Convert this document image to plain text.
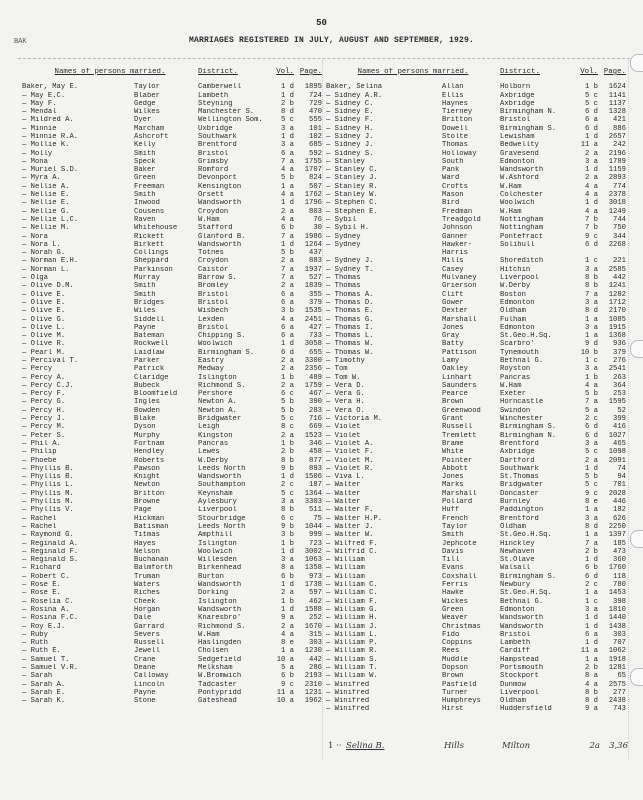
50
BAK	MARRIAGES REGISTERED IN JULY, AUGUST AND SEPTEMBER, 1929.
Names of persons married.	District.	Vol. Page.
Baker, May E.	Taylor	Camberwell	1 d	1895
— May E.C.	Blaber	Lambeth	1 d	724
— May F.	Gedge	Steyning	2 b	729
— Mendal	Wilkes	Manchester S.	8 d	470
— Mildred A.	Dyer	Wellington Som.	5 c	555
— Minnie	Marcham	Uxbridge	3 a	101
— Minnie R.A.	Ashcroft	Southwark	1 d	102
— Mollie K.	Kelly	Brentford	3 a	685
— Molly	Smith	Bristol	6 a	592
— Mona	Speck	Grimsby	7 a	1755
— Muriel S.D.	Baker	Romford	4 a	1707
— Myra A.	Green	Devonport	5 b	824
— Nellie A.	Freeman	Kensington	1 a	507
— Nellie E.	Smith	Orsett	4 a	1762
— Nellie E.	Inwood	Wandsworth	1 d	1796
— Nellie G.	Cousens	Croydon	2 a	803
— Nellie L.C.	Raven	W.Ham	4 a	76
— Nellie M.	Whitehouse	Stafford	6 b	30
— Nora	Rickett	Glanford B.	7 a	1986
— Nora L.	Birkett	Wandsworth	1 d	1264
— Norah G.	Collings	Totnes	5 b	437
— Norman E.H.	Sheppard	Croydon	2 a	883
— Norman L.	Parkinson	Caistor	7 a	1937
— Olga	Murray	Barrow S.	7 a	527
— Olive D.M.	Smith	Bromley	2 a	1839
— Olive E.	Smith	Bristol	6 a	355
— Olive E.	Bridges	Bristol	6 a	379
— Olive E.	Wiles	Wisbech	3 b	1535
— Olive G.	Siddell	Lexden	4 a	2451
— Olive L.	Payne	Bristol	6 a	427
— Olive M.	Bateman	Chipping S.	6 a	733
— Olive R.	Rockwell	Woolwich	1 d	3058
— Pearl M.	Laidlaw	Birmingham S.	6 d	655
— Percival T.	Parker	Eastry	2 a	3300
— Percy	Patrick	Medway	2 a	2356
— Percy A.	Claridge	Islington	1 b	489
— Percy C.J.	Bubeck	Richmond S.	2 a	1759
— Percy F.	Bloomfield	Pershore	6 c	467
— Percy G.	Ingles	Newton A.	5 b	390
— Percy H.	Bowden	Newton A.	5 b	283
— Percy J.	Blake	Bridgwater	5 c	716
— Percy M.	Dyson	Leigh	8 c	669
— Peter S.	Murphy	Kingston	2 a	1523
— Phil A.	Fortnam	Pancras	1 b	346
— Philip	Hendley	Lewes	2 b	458
— Phoebe	Roberts	W.Derby	8 b	877
— Phyllis B.	Pawson	Leeds North	9 b	893
— Phyllis B.	Knight	Wandsworth	1 d	1506
— Phyllis L.	Newton	Southampton	2 c	187
— Phyllis M.	Britton	Keynsham	5 c	1364
— Phyllis M.	Browne	Aylesbury	3 a	3303
— Phyllis V.	Page	Liverpool	8 b	511
— Rachel	Hickman	Stourbridge	6 c	75
— Rachel	Batisman	Leeds North	9 b	1044
— Raymond G.	Titmas	Ampthill	3 b	999
— Reginald A.	Hayes	Islington	1 b	723
— Reginald F.	Nelson	Woolwich	1 d	3002
— Reginald S.	Buchanan	Willesden	3 a	1063
— Richard	Balmforth	Birkenhead	8 a	1358
— Robert C.	Truman	Burton	6 b	973
— Rose E.	Waters	Wandsworth	1 d	1738
— Rose E.	Riches	Dorking	2 a	597
— Roselia C.	Cheek	Islington	1 b	462
— Rosina A.	Horgan	Wandsworth	1 d	1588
— Rosina F.C.	Dale	Knaresbro'	9 a	252
— Roy E.J.	Garrard	Richmond S.	2 a	1670
— Ruby	Severs	W.Ham	4 a	315
— Ruth	Russell	Haslingden	8 e	303
— Ruth E.	Jewell	Cholsen	1 a	1230
— Samuel T.	Crane	Sedgefield	10 a	442
— Samuel V.R.	Deane	Melksham	5 a	286
— Sarah	Calloway	W.Bromwich	6 b	2193
— Sarah A.	Lincoln	Tadcaster	9 c	2310
— Sarah E.	Payne	Pontypridd	11 a	1231
— Sarah K.	Stone	Gateshead	10 a	1962
Names of persons married.	District.	Vol. Page.
Baker, Selina	Allan	Holborn	1 b	1624
— Sidney A.R.	Ellis	Axbridge	5 c	1141
— Sidney C.	Haynes	Axbridge	5 c	1137
— Sidney E.	Tierney	Birmingham N.	6 d	1328
— Sidney F.	Britton	Bristol	6 a	421
— Sidney H.	Dowell	Birmingham S.	6 d	886
— Sidney J.	Stolte	Lewisham	1 d	2657
— Sidney J.	Thomas	Bedwellty	11 a	242
— Sidney S.	Holloway	Gravesend	2 a	2196
— Stanley	South	Edmonton	3 a	1789
— Stanley C.	Pank	Wandsworth	1 d	1159
— Stanley J.	Ward	W.Ashford	2 a	2893
— Stanley R.	Crofts	W.Ham	4 a	774
— Stanley W.	Mason	Colchester	4 a	2378
— Stephen C.	Bird	Woolwich	1 d	3018
— Stephen E.	Fredman	W.Ham	4 a	1249
— Sybil	Treadgold	Nottingham	7 b	744
— Sybil H.	Johnson	Nottingham	7 b	750
— Sydney	Ganner	Pontefract	9 c	344
— Sydney	Hawker-	Solihull	6 d	2268
Harris
— Sydney J.	Mills	Shoreditch	1 c	221
— Sydney T.	Casey	Hitchin	3 a	2585
— Thomas	Mulvaney	Liverpool	8 b	442
— Thomas	Grierson	W.Derby	8 b	1241
— Thomas A.	Clift	Boston	7 a	1282
— Thomas D.	Gower	Edmonton	3 a	1712
— Thomas E.	Dexter	Oldham	8 d	2170
— Thomas G.	Marshall	Fulham	1 a	1085
— Thomas I.	Jones	Edmonton	3 a	1915
— Thomas L.	Gray	St.Geo.H.Sq.	1 a	1368
— Thomas W.	Batty	Scarbro'	9 d	936
— Thomas W.	Pattison	Tynemouth	10 b	379
— Timothy	Lamy	Bethnal G.	1 c	276
— Tom	Oakley	Royston	3 a	2541
— Tom W.	Linhart	Pancras	1 b	263
— Vera D.	Saunders	W.Ham	4 a	364
— Vera G.	Pearce	Exeter	5 b	253
— Vera H.	Brown	Horncastle	7 a	1595
— Vera O.	Greenwood	Swindon	5 a	52
— Victoria M.	Grant	Winchester	2 c	399
— Violet	Russell	Birmingham S.	6 d	416
— Violet	Tremlett	Birmingham N.	6 d	1027
— Violet A.	Brame	Brentford	3 a	465
— Violet F.	White	Axbridge	5 c	1098
— Violet M.	Pointer	Dartford	2 a	2091
— Violet R.	Abbott	Southwark	1 d	74
— Viva L.	Jones	St.Thomas	5 b	94
— Walter	Marks	Bridgwater	5 c	701
— Walter	Marshall	Doncaster	9 c	2028
— Walter	Pollard	Burnley	8 e	446
— Walter F.	Huff	Paddington	1 a	182
— Walter H.P.	French	Brentford	3 a	626
— Walter J.	Taylor	Oldham	8 d	2250
— Walter W.	Smith	St.Geo.H.Sq.	1 a	1397
— Wilfred F.	Jephcote	Hinckley	7 a	185
— Wilfrid C.	Davis	Newhaven	2 b	473
— William	Till	St.Olave	1 d	360
— William	Evans	Walsall	6 b	1760
— William	Coxshall	Birmingham S.	6 d	118
— William C.	Ferris	Newbury	2 c	780
— William C.	Hawke	St.Geo.H.Sq.	1 a	1453
— William F.	Wickes	Bethnal G.	1 c	398
— William G.	Green	Edmonton	3 a	1810
— William H.	Weaver	Wandsworth	1 d	1440
— William J.	Christmas	Wandsworth	1 d	1438
— William L.	Fido	Bristol	6 a	303
— William P.	Coppins	Lambeth	1 d	707
— William R.	Rees	Cardiff	11 a	1062
— William S.	Muddle	Hampstead	1 a	1918
— William T.	Dopson	Portsmouth	2 b	1281
— William W.	Brown	Stockport	8 a	65
— Winifred	Pasfield	Dunmow	4 a	2575
— Winifred	Turner	Liverpool	8 b	277
— Winifred	Humphreys	Oldham	8 d	2438
— Winifred	Hirst	Huddersfield	9 a	743
1 ·· Selina B.	Hills	Milton	2a	3,36
